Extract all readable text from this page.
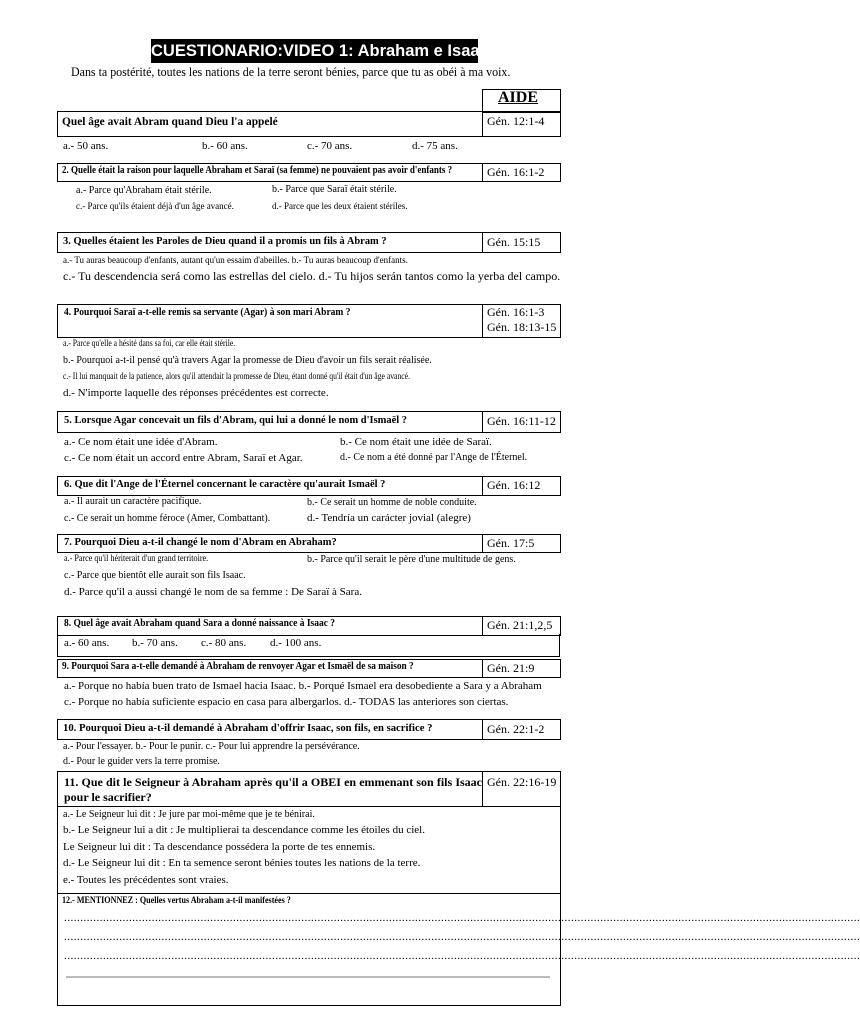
CUESTIONARIO:VIDEO 1: Abraham e Isaac
Dans ta postérité, toutes les nations de la terre seront bénies, parce que tu as obéi à ma voix.
AIDE
Quel âge avait Abram quand Dieu l'a appelé	Gén. 12:1-4
a.- 50 ans.	b.- 60 ans.	c.- 70 ans.	d.- 75 ans.
2. Quelle était la raison pour laquelle Abraham et Saraï (sa femme) ne pouvaient pas avoir d'enfants ?	Gén. 16:1-2
a.- Parce qu'Abraham était stérile.	b.- Parce que Saraï était stérile.
c.- Parce qu'ils étaient déjà d'un âge avancé.	d.- Parce que les deux étaient stériles.
3. Quelles étaient les Paroles de Dieu quand il a promis un fils à Abram ?	Gén. 15:15
a.- Tu auras beaucoup d'enfants, autant qu'un essaim d'abeilles. b.- Tu auras beaucoup d'enfants.
c.- Tu descendencia será como las estrellas del cielo. d.- Tu hijos serán tantos como la yerba del campo.
4. Pourquoi Saraï a-t-elle remis sa servante (Agar) à son mari Abram ?	Gén. 16:1-3
Gén. 18:13-15
a.- Parce qu'elle a hésité dans sa foi, car elle était stérile.
b.- Pourquoi a-t-il pensé qu'à travers Agar la promesse de Dieu d'avoir un fils serait réalisée.
c.- Il lui manquait de la patience, alors qu'il attendait la promesse de Dieu, étant donné qu'il était d'un âge avancé.
d.- N'importe laquelle des réponses précédentes est correcte.
5. Lorsque Agar concevait un fils d'Abram, qui lui a donné le nom d'Ismaël ?	Gén. 16:11-12
a.- Ce nom était une idée d'Abram.	b.- Ce nom était une idée de Saraï.
c.- Ce nom était un accord entre Abram, Saraï et Agar.	d.- Ce nom a été donné par l'Ange de l'Éternel.
6. Que dit l'Ange de l'Éternel concernant le caractère qu'aurait Ismaël ?	Gén. 16:12
a.- Il aurait un caractère pacifique.	b.- Ce serait un homme de noble conduite.
c.- Ce serait un homme féroce (Amer, Combattant).	d.- Tendría un carácter jovial (alegre)
7. Pourquoi Dieu a-t-il changé le nom d'Abram en Abraham?	Gén. 17:5
a.- Parce qu'il hériterait d'un grand territoire.	b.- Parce qu'il serait le père d'une multitude de gens.
c.- Parce que bientôt elle aurait son fils Isaac.
d.- Parce qu'il a aussi changé le nom de sa femme : De Saraï à Sara.
8. Quel âge avait Abraham quand Sara a donné naissance à Isaac ?	Gén. 21:1,2,5
a.- 60 ans. b.- 70 ans. c.- 80 ans. d.- 100 ans.
9. Pourquoi Sara a-t-elle demandé à Abraham de renvoyer Agar et Ismaël de sa maison ?	Gén. 21:9
a.- Porque no había buen trato de Ismael hacia Isaac. b.- Porqué Ismael era desobediente a Sara y a Abraham
c.- Porque no había suficiente espacio en casa para albergarlos. d.- TODAS las anteriores son ciertas.
10. Pourquoi Dieu a-t-il demandé à Abraham d'offrir Isaac, son fils, en sacrifice ?	Gén. 22:1-2
a.- Pour l'essayer. b.- Pour le punir. c.- Pour lui apprendre la persévérance.
d.- Pour le guider vers la terre promise.
11. Que dit le Seigneur à Abraham après qu'il a OBEI en emmenant son fils Isaac pour le sacrifier?
Gén. 22:16-19
a.- Le Seigneur lui dit : Je jure par moi-même que je te bénirai.
b.- Le Seigneur lui a dit : Je multiplierai ta descendance comme les étoiles du ciel.
Le Seigneur lui dit : Ta descendance possédera la porte de tes ennemis.
d.- Le Seigneur lui dit : En ta semence seront bénies toutes les nations de la terre.
e.- Toutes les précédentes sont vraies.
12.- MENTIONNEZ : Quelles vertus Abraham a-t-il manifestées ?
.....................................................................................................................................................................................................................................................
.....................................................................................................................................................................................................................................................
.....................................................................................................................................................................................................................................................
